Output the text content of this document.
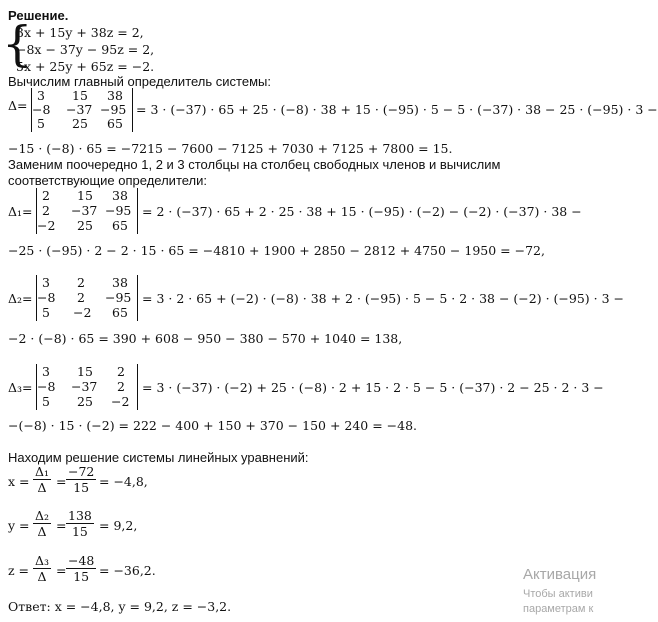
Решение.
{
3x + 15y + 38z = 2,
−8x − 37y − 95z = 2,
5x + 25y + 65z = −2.
Вычислим главный определитель системы:
Δ=
3 15 38
−8 −37 −95
5 25 65
= 3 · (−37) · 65 + 25 · (−8) · 38 + 15 · (−95) · 5 − 5 · (−37) · 38 − 25 · (−95) · 3 −
−15 · (−8) · 65 = −7215 − 7600 − 7125 + 7030 + 7125 + 7800 = 15.
Заменим поочередно 1, 2 и 3 столбцы на столбец свободных членов и вычислим
соответствующие определители:
Δ₁=
2 15 38
2 −37 −95
−2 25 65
= 2 · (−37) · 65 + 2 · 25 · 38 + 15 · (−95) · (−2) − (−2) · (−37) · 38 −
−25 · (−95) · 2 − 2 · 15 · 65 = −4810 + 1900 + 2850 − 2812 + 4750 − 1950 = −72,
Δ₂=
3 2 38
−8 2 −95
5 −2 65
= 3 · 2 · 65 + (−2) · (−8) · 38 + 2 · (−95) · 5 − 5 · 2 · 38 − (−2) · (−95) · 3 −
−2 · (−8) · 65 = 390 + 608 − 950 − 380 − 570 + 1040 = 138,
Δ₃=
3 15 2
−8 −37 2
5 25 −2
= 3 · (−37) · (−2) + 25 · (−8) · 2 + 15 · 2 · 5 − 5 · (−37) · 2 − 25 · 2 · 3 −
−(−8) · 15 · (−2) = 222 − 400 + 150 + 370 − 150 + 240 = −48.
Находим решение системы линейных уравнений:
$x = \frac{\text{Δ₁}}{\Delta} = \frac{-72}{15} = -4,8$,
$y = \frac{\text{Δ₂}}{\Delta} = \frac{138}{15} = 9,2$,
$z = \frac{\text{Δ₃}}{\Delta} = \frac{-48}{15} = -36,2$.
Ответ: x = −4,8, y = 9,2, z = −3,2.
Активация
Чтобы активи
параметрам к
